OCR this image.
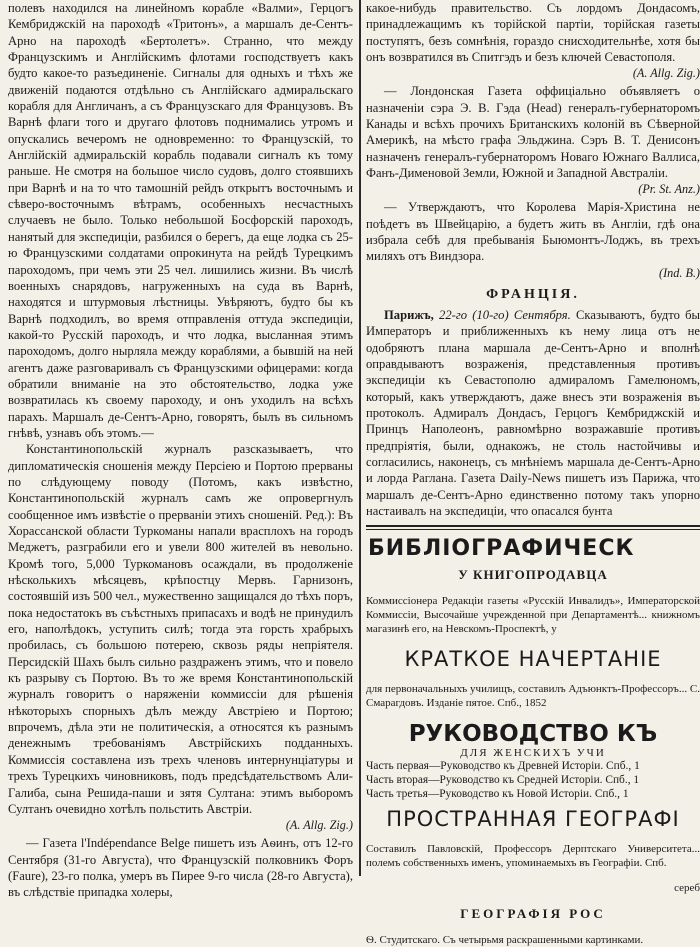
полевъ находился на линейномъ корабле «Валми», Герцогъ Кембриджскій на пароходѣ «Тритонъ», а маршалъ де-Сентъ-Арно на пароходѣ «Бертолетъ». Странно, что между Французскимъ и Англійскимъ флотами господствуетъ какъ будто какое-то разъединеніе. Сигналы для одныхъ и тѣхъ же движеній подаются отдѣльно съ Англійскаго адмиральскаго корабля для Англичанъ, а съ Французскаго для Французовъ. Въ Варнѣ флаги того и другаго флотовъ поднимались утромъ и опускались вечеромъ не одновременно: то Французскій, то Англійскій адмиральскій корабль подавали сигналъ къ тому раньше. Не смотря на большое число судовъ, долго стоявшихъ при Варнѣ и на то что тамошній рейдъ открытъ восточнымъ и сѣверо-восточнымъ вѣтрамъ, особенныхъ несчастныхъ случаевъ не было. Только небольшой Босфорскій пароходъ, нанятый для экспедиціи, разбился о берегъ, да еще лодка съ 25-ю Французскими солдатами опрокинута на рейдѣ Турецкимъ пароходомъ, при чемъ эти 25 чел. лишились жизни. Въ числѣ военныхъ снарядовъ, нагруженныхъ на суда въ Варнѣ, находятся и штурмовыя лѣстницы. Увѣряютъ, будто бы къ Варнѣ подходилъ, во время отправленія оттуда экспедиціи, какой-то Русскій пароходъ, и что лодка, высланная этимъ пароходомъ, долго нырляла между кораблями, а бывшій на ней агентъ даже разговаривалъ съ Французскими офицерами: когда обратили вниманіе на это обстоятельство, лодка уже возвратилась къ своему пароходу, и онъ уходилъ на всѣхъ парахъ. Маршалъ де-Сентъ-Арно, говорятъ, былъ въ сильномъ гнѣвѣ, узнавъ объ этомъ.—

Константинопольскій журналъ разсказываетъ, что дипломатическія сношенія между Персіею и Портою прерваны по слѣдующему поводу (Потомъ, какъ извѣстно, Константинопольскій журналъ самъ же опровергнулъ сообщенное имъ извѣстіе о прерваніи этихъ сношеній. Ред.): Въ Хорассанской области Туркоманы напали врасплохъ на городъ Меджетъ, разграбили его и увели 800 жителей въ невольно. Кромѣ того, 5,000 Туркомановъ осаждали, въ продолженіе нѣсколькихъ мѣсяцевъ, крѣпостцу Мервъ. Гарнизонъ, состоявшій изъ 500 чел., мужественно защищался до тѣхъ поръ, пока недостатокъ въ съѣстныхъ припасахъ и водѣ не принудилъ его, наполѣдокъ, уступить силѣ; тогда эта горсть храбрыхъ пробилась, съ большою потерею, сквозь ряды непріятеля. Персидскій Шахъ былъ сильно раздраженъ этимъ, что и повело къ разрыву съ Портою. Въ то же время Константинопольскій журналъ говоритъ о наряженіи коммиссіи для рѣшенія нѣкоторыхъ спорныхъ дѣлъ между Австріею и Портою; впрочемъ, дѣла эти не политическія, а относятся къ разнымъ денежнымъ требованіямъ Австрійскихъ подданныхъ. Коммиссія составлена изъ трехъ членовъ интернунціатуры и трехъ Турецкихъ чиновниковъ, подъ предсѣдательствомъ Али-Галиба, сына Решида-паши и зятя Султана: этимъ выборомъ Султанъ очевидно хотѣлъ польстить Австріи.

(A. Allg. Zig.)

— Газета l'Indépendance Belge пишетъ изъ Аѳинъ, отъ 12-го Сентября (31-го Августа), что Французскій полковникъ Форъ (Faure), 23-го полка, умеръ въ Пирее 9-го числа (28-го Августа), въ слѣдствіе припадка холеры,

какое-нибудь правительство. Съ лордомъ Дондасомъ, принадлежащимъ къ торійской партіи, торійская газеты поступятъ, безъ сомнѣнія, гораздо снисходительнѣе, хотя бы онъ возвратился въ Спитгэдъ и безъ ключей Севастополя.

(A. Allg. Zig.)

— Лондонская Газета оффиціально объявляетъ о назначеніи сэра Э. В. Гэда (Head) генералъ-губернаторомъ Канады и всѣхъ прочихъ Британскихъ колоній въ Сѣверной Америкѣ, на мѣсто графа Эльджина. Сэръ В. Т. Денисонъ назначенъ генералъ-губернаторомъ Новаго Южнаго Валлиса, Фанъ-Дименовой Земли, Южной и Западной Австраліи.

(Pr. St. Anz.)

— Утверждаютъ, что Королева Марія-Христина не поѣдетъ въ Швейцарію, а будетъ жить въ Англіи, гдѣ она избрала себѣ для пребыванія Быюмонтъ-Лоджъ, въ трехъ миляхъ отъ Виндзора.

(Ind. B.)

ФРАНЦІЯ.

Парижъ, 22-го (10-го) Сентября. Сказываютъ, будто бы Императоръ и приближенныхъ къ нему лица отъ не одобряютъ плана маршала де-Сентъ-Арно и вполнѣ оправдываютъ возраженія, представленныя противъ экспедиціи къ Севастополю адмираломъ Гамелюномъ, который, какъ утверждаютъ, даже внесъ эти возраженія въ протоколъ. Адмиралъ Дондасъ, Герцогъ Кембриджскій и Принцъ Наполеонъ, равномѣрно возражавшіе противъ предпріятія, были, однакожъ, не столь настойчивы и согласились, наконецъ, съ мнѣніемъ маршала де-Сентъ-Арно и лорда Раглана. Газета Daily-News пишетъ изъ Парижа, что маршалъ де-Сентъ-Арно единственно потому такъ упорно настаивалъ на экспедиціи, что опасался бунта

БИБЛІОГРАФИЧЕСК
У КНИГОПРОДАВЦА

Коммиссіонера Редакціи газеты «Русскій Инвалидъ», Императорской Коммиссіи, Высочайше учрежденной при Департаментѣ... книжномъ магазинѣ его, на Невскомъ-Проспектѣ, у

КРАТКОЕ НАЧЕРТАНІЕ

для первоначальныхъ училищъ, составилъ Адъюнктъ-Профессоръ... С. Смарагдовъ. Изданіе пятое. Спб., 1852

РУКОВОДСТВО КЪ
ДЛЯ ЖЕНСКИХЪ УЧИ
Часть первая—Руководство къ Древней Исторіи. Спб., 1
Часть вторая—Руководство къ Средней Исторіи. Спб., 1
Часть третья—Руководство къ Новой Исторіи. Спб., 1
ПРОСТРАННАЯ ГЕОГРАФІ

Составилъ Павловскій, Профессоръ Дерптскаго Университета... полемъ собственныхъ именъ, упоминаемыхъ въ Географіи. Спб.

сереб

ГЕОГРАФІЯ РОС

Ѳ. Студитскаго. Съ четырьмя раскрашенными картинками.
